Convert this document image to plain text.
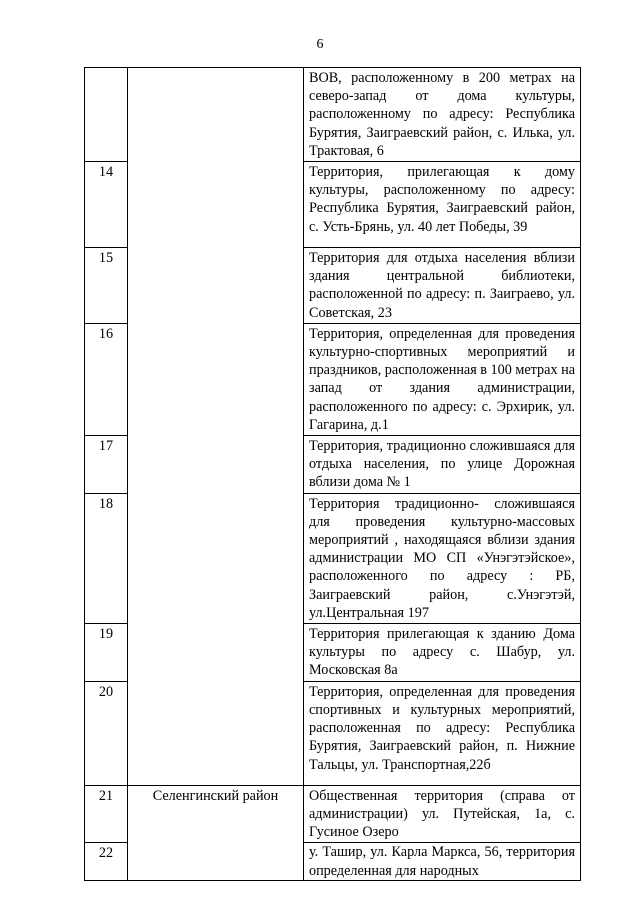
6
		ВОВ, расположенному в 200 метрах на северо-запад от дома культуры, расположенному по адресу: Республика Бурятия, Заиграевский район, с. Илька, ул. Трактовая, 6
14		Территория, прилегающая к дому культуры, расположенному по адресу: Республика Бурятия, Заиграевский район, с. Усть-Брянь, ул. 40 лет Победы, 39
15		Территория для отдыха населения вблизи здания центральной библиотеки, расположенной по адресу: п. Заиграево, ул. Советская, 23
16		Территория, определенная для проведения культурно-спортивных мероприятий и праздников, расположенная в 100 метрах на запад от здания администрации, расположенного по адресу: с. Эрхирик, ул. Гагарина, д.1
17		Территория, традиционно сложившаяся для отдыха населения, по улице Дорожная вблизи дома № 1
18		Территория традиционно- сложившаяся для проведения культурно-массовых мероприятий , находящаяся вблизи здания администрации МО СП «Унэгэтэйское», расположенного по адресу : РБ, Заиграевский район, с.Унэгэтэй, ул.Центральная 197
19		Территория прилегающая к зданию Дома культуры по адресу с. Шабур, ул. Московская 8а
20		Территория, определенная для проведения спортивных и культурных мероприятий, расположенная по адресу: Республика Бурятия, Заиграевский район, п. Нижние Тальцы, ул. Транспортная,22б
21	Селенгинский район	Общественная территория (справа от администрации) ул. Путейская, 1а, с. Гусиное Озеро
22		у. Ташир, ул. Карла Маркса, 56, территория определенная для народных
